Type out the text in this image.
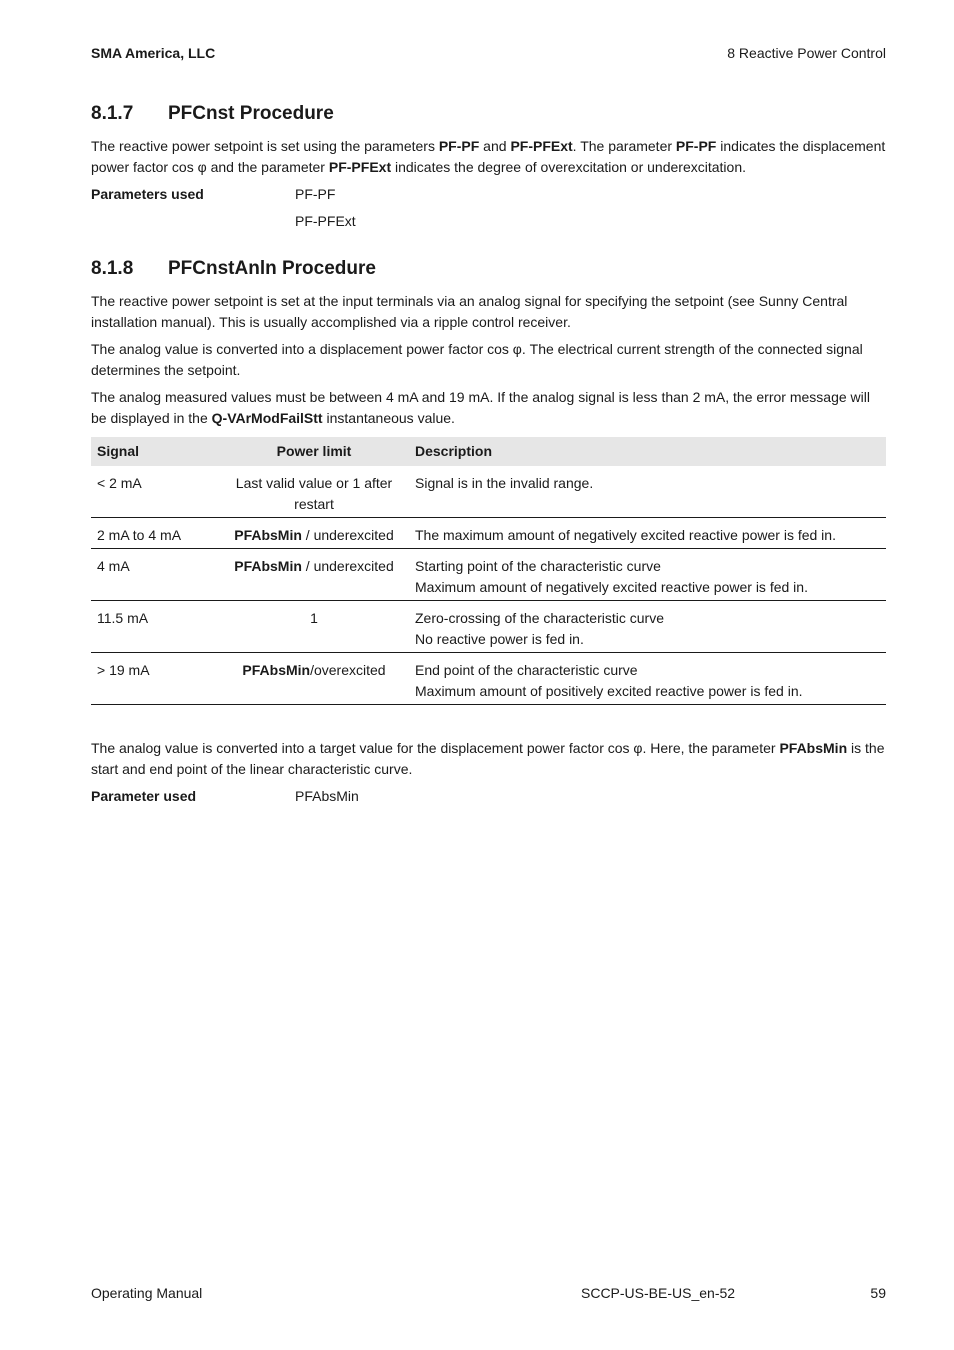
SMA America, LLC	8 Reactive Power Control
8.1.7 PFCnst Procedure

The reactive power setpoint is set using the parameters PF-PF and PF-PFExt. The parameter PF-PF indicates the displacement power factor cos φ and the parameter PF-PFExt indicates the degree of overexcitation or underexcitation.

Parameters used	PF-PF
PF-PFExt
8.1.8 PFCnstAnln Procedure

The reactive power setpoint is set at the input terminals via an analog signal for specifying the setpoint (see Sunny Central installation manual). This is usually accomplished via a ripple control receiver.

The analog value is converted into a displacement power factor cos φ. The electrical current strength of the connected signal determines the setpoint.

The analog measured values must be between 4 mA and 19 mA. If the analog signal is less than 2 mA, the error message will be displayed in the Q-VArModFailStt instantaneous value.

Signal	Power limit	Description
< 2 mA	Last valid value or 1 after restart	Signal is in the invalid range.

2 mA to 4 mA	PFAbsMin / underexcited	The maximum amount of negatively excited reactive power is fed in.

4 mA	PFAbsMin / underexcited	Starting point of the characteristic curve
Maximum amount of negatively excited reactive power is fed in.

11.5 mA	1	Zero-crossing of the characteristic curve
No reactive power is fed in.

> 19 mA	PFAbsMin/overexcited	End point of the characteristic curve
Maximum amount of positively excited reactive power is fed in.

The analog value is converted into a target value for the displacement power factor cos φ. Here, the parameter PFAbsMin is the start and end point of the linear characteristic curve.

Parameter used	PFAbsMin
Operating Manual	SCCP-US-BE-US_en-52	59
